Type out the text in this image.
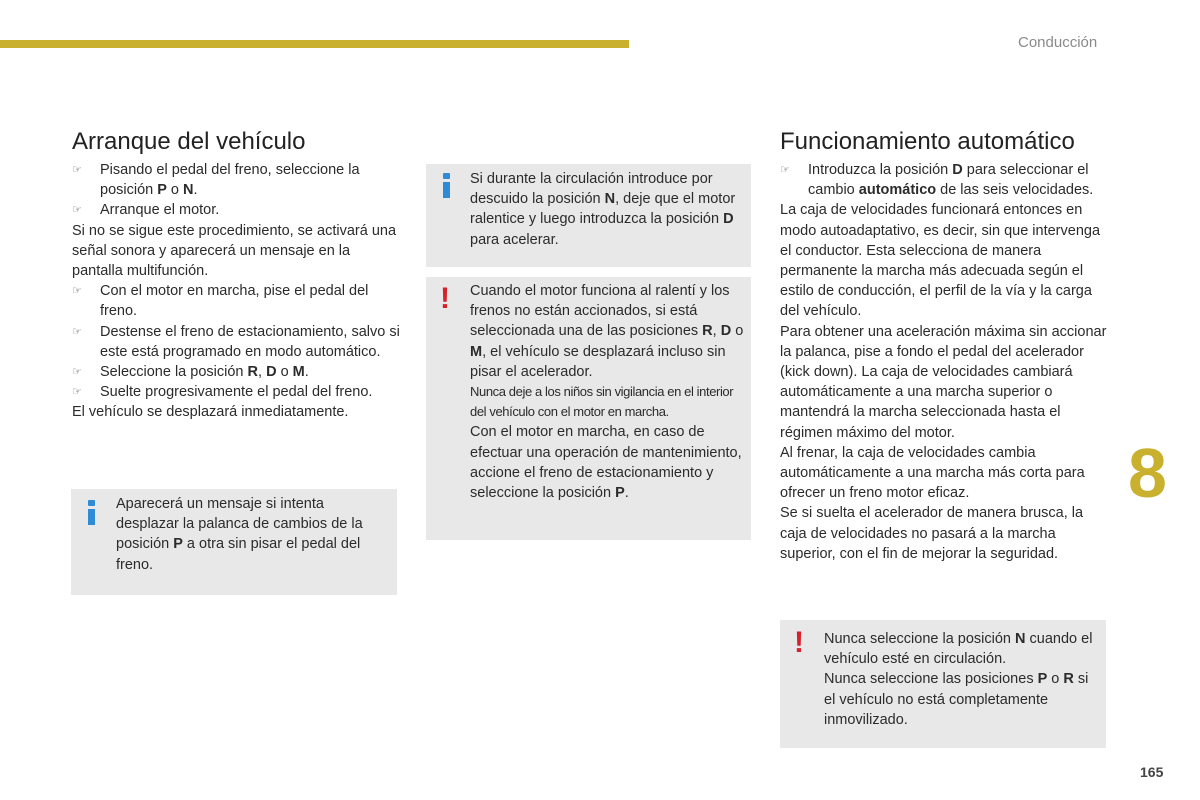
Conducción
8
165
Arranque del vehículo

☞ Pisando el pedal del freno, seleccione la posición P o N.

☞ Arranque el motor.

Si no se sigue este procedimiento, se activará una señal sonora y aparecerá un mensaje en la pantalla multifunción.

☞ Con el motor en marcha, pise el pedal del freno.

☞ Destense el freno de estacionamiento, salvo si este está programado en modo automático.

☞ Seleccione la posición R, D o M.

☞ Suelte progresivamente el pedal del freno.

El vehículo se desplazará inmediatamente.

Aparecerá un mensaje si intenta desplazar la palanca de cambios de la posición P a otra sin pisar el pedal del freno.

Si durante la circulación introduce por descuido la posición N, deje que el motor ralentice y luego introduzca la posición D para acelerar.

! Cuando el motor funciona al ralentí y los frenos no están accionados, si está seleccionada una de las posiciones R, D o M, el vehículo se desplazará incluso sin pisar el acelerador.

Nunca deje a los niños sin vigilancia en el interior del vehículo con el motor en marcha.

Con el motor en marcha, en caso de efectuar una operación de mantenimiento, accione el freno de estacionamiento y seleccione la posición P.

Funcionamiento automático

☞ Introduzca la posición D para seleccionar el cambio automático de las seis velocidades.

La caja de velocidades funcionará entonces en modo autoadaptativo, es decir, sin que intervenga el conductor. Esta selecciona de manera permanente la marcha más adecuada según el estilo de conducción, el perfil de la vía y la carga del vehículo.

Para obtener una aceleración máxima sin accionar la palanca, pise a fondo el pedal del acelerador (kick down). La caja de velocidades cambiará automáticamente a una marcha superior o mantendrá la marcha seleccionada hasta el régimen máximo del motor.

Al frenar, la caja de velocidades cambia automáticamente a una marcha más corta para ofrecer un freno motor eficaz.

Se si suelta el acelerador de manera brusca, la caja de velocidades no pasará a la marcha superior, con el fin de mejorar la seguridad.

! Nunca seleccione la posición N cuando el vehículo esté en circulación.

Nunca seleccione las posiciones P o R si el vehículo no está completamente inmovilizado.
